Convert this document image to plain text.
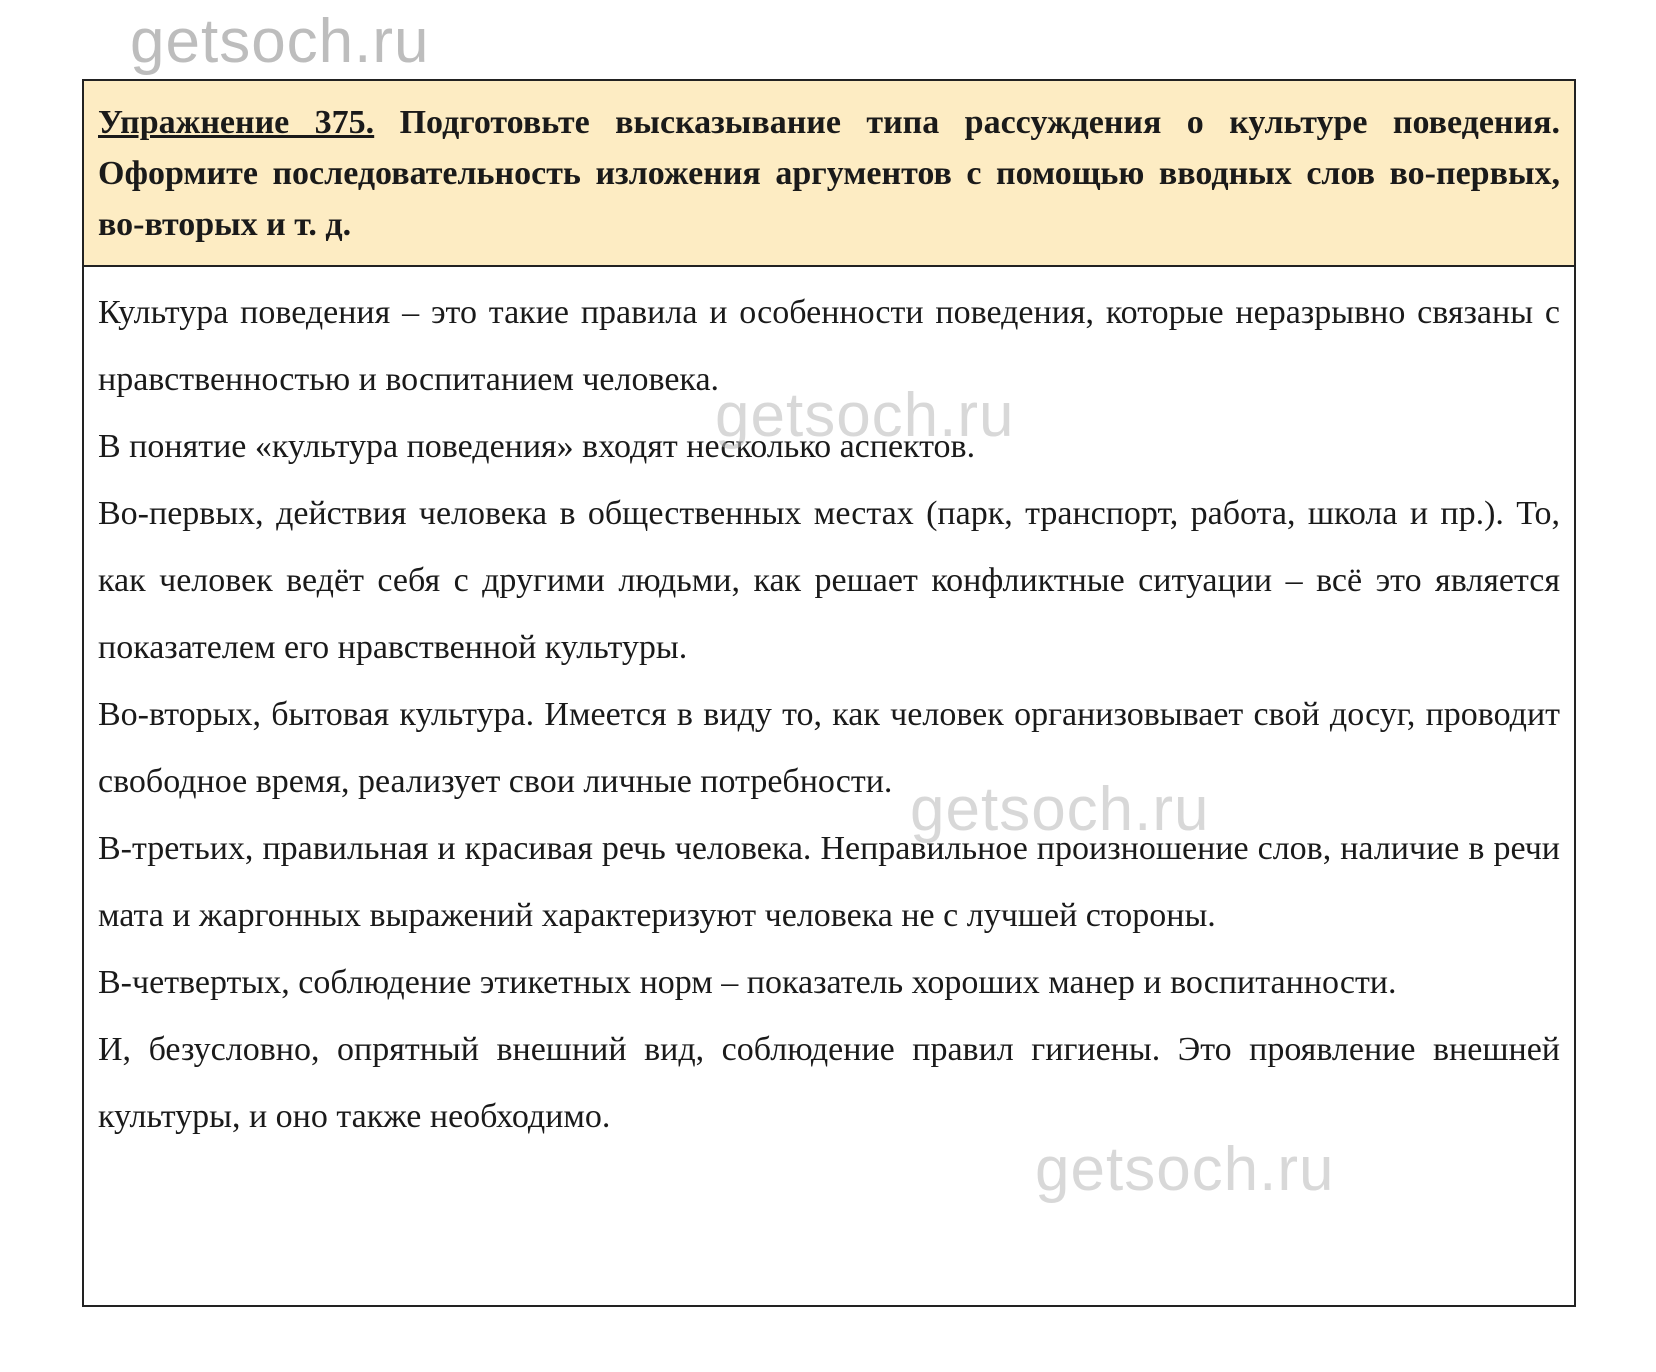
getsoch.ru
Упражнение 375. Подготовьте высказывание типа рассуждения о культуре поведения. Оформите последовательность изложения аргументов с помощью вводных слов во-первых, во-вторых и т. д.

Культура поведения – это такие правила и особенности поведения, которые неразрывно связаны с нравственностью и воспитанием человека.

В понятие «культура поведения» входят несколько аспектов.

Во-первых, действия человека в общественных местах (парк, транспорт, работа, школа и пр.). То, как человек ведёт себя с другими людьми, как решает конфликтные ситуации – всё это является показателем его нравственной культуры.

Во-вторых, бытовая культура. Имеется в виду то, как человек организовывает свой досуг, проводит свободное время, реализует свои личные потребности.

В-третьих, правильная и красивая речь человека. Неправильное произношение слов, наличие в речи мата и жаргонных выражений характеризуют человека не с лучшей стороны.

В-четвертых, соблюдение этикетных норм – показатель хороших манер и воспитанности.

И, безусловно, опрятный внешний вид, соблюдение правил гигиены. Это проявление внешней культуры, и оно также необходимо.

getsoch.ru
getsoch.ru
getsoch.ru
